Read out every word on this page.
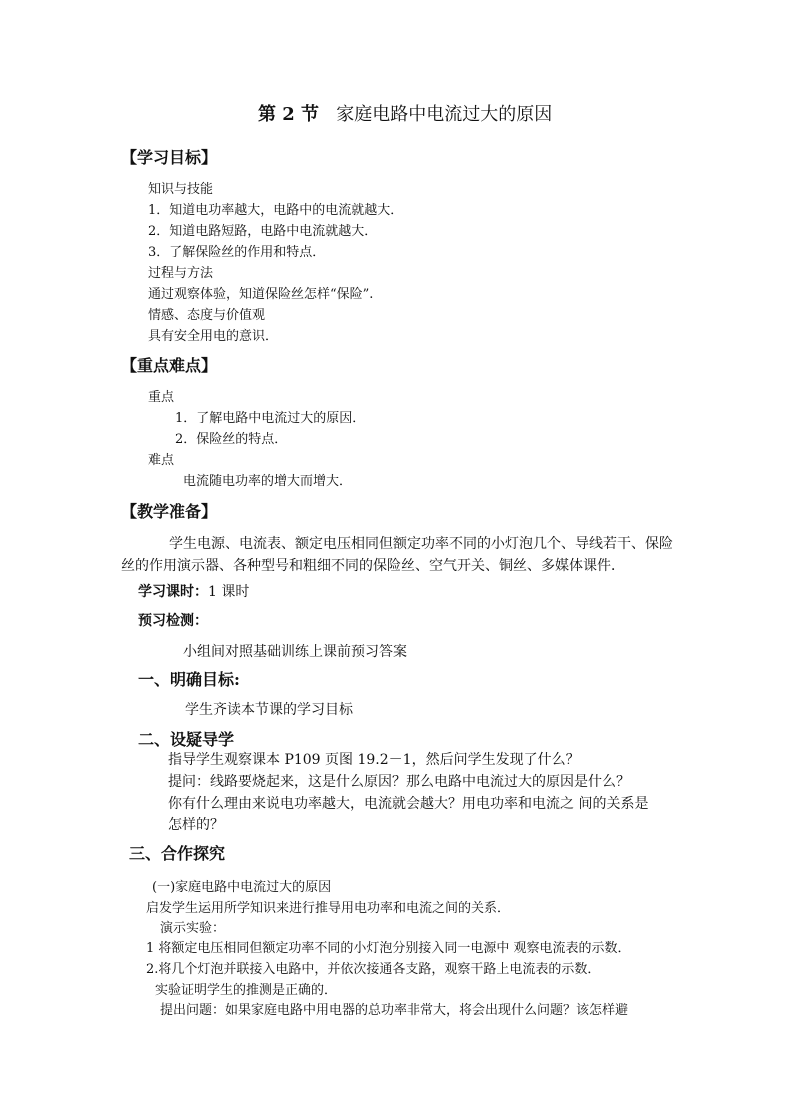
第 2 节 家庭电路中电流过大的原因
【学习目标】
知识与技能
1．知道电功率越大，电路中的电流就越大．
2．知道电路短路，电路中电流就越大．
3．了解保险丝的作用和特点．
过程与方法
通过观察体验，知道保险丝怎样“保险”.
情感、态度与价值观
具有安全用电的意识．
【重点难点】
重点
1．了解电路中电流过大的原因．
2．保险丝的特点．
难点
电流随电功率的增大而增大．
【教学准备】
学生电源、电流表、额定电压相同但额定功率不同的小灯泡几个、导线若干、保险
丝的作用演示器、各种型号和粗细不同的保险丝、空气开关、铜丝、多媒体课件．
学习课时：1 课时
预习检测：
小组间对照基础训练上课前预习答案
一、明确目标:
学生齐读本节课的学习目标
二、设疑导学
指导学生观察课本 P109 页图 19.2－1，然后问学生发现了什么？
提问：线路要烧起来，这是什么原因？那么电路中电流过大的原因是什么？
你有什么理由来说电功率越大，电流就会越大？用电功率和电流之 间的关系是
怎样的？
三、合作探究
(一)家庭电路中电流过大的原因
启发学生运用所学知识来进行推导用电功率和电流之间的关系．
演示实验：
1 将额定电压相同但额定功率不同的小灯泡分别接入同一电源中 观察电流表的示数．
2.将几个灯泡并联接入电路中，并依次接通各支路，观察干路上电流表的示数．
实验证明学生的推测是正确的．
提出问题：如果家庭电路中用电器的总功率非常大，将会出现什么问题？该怎样避
